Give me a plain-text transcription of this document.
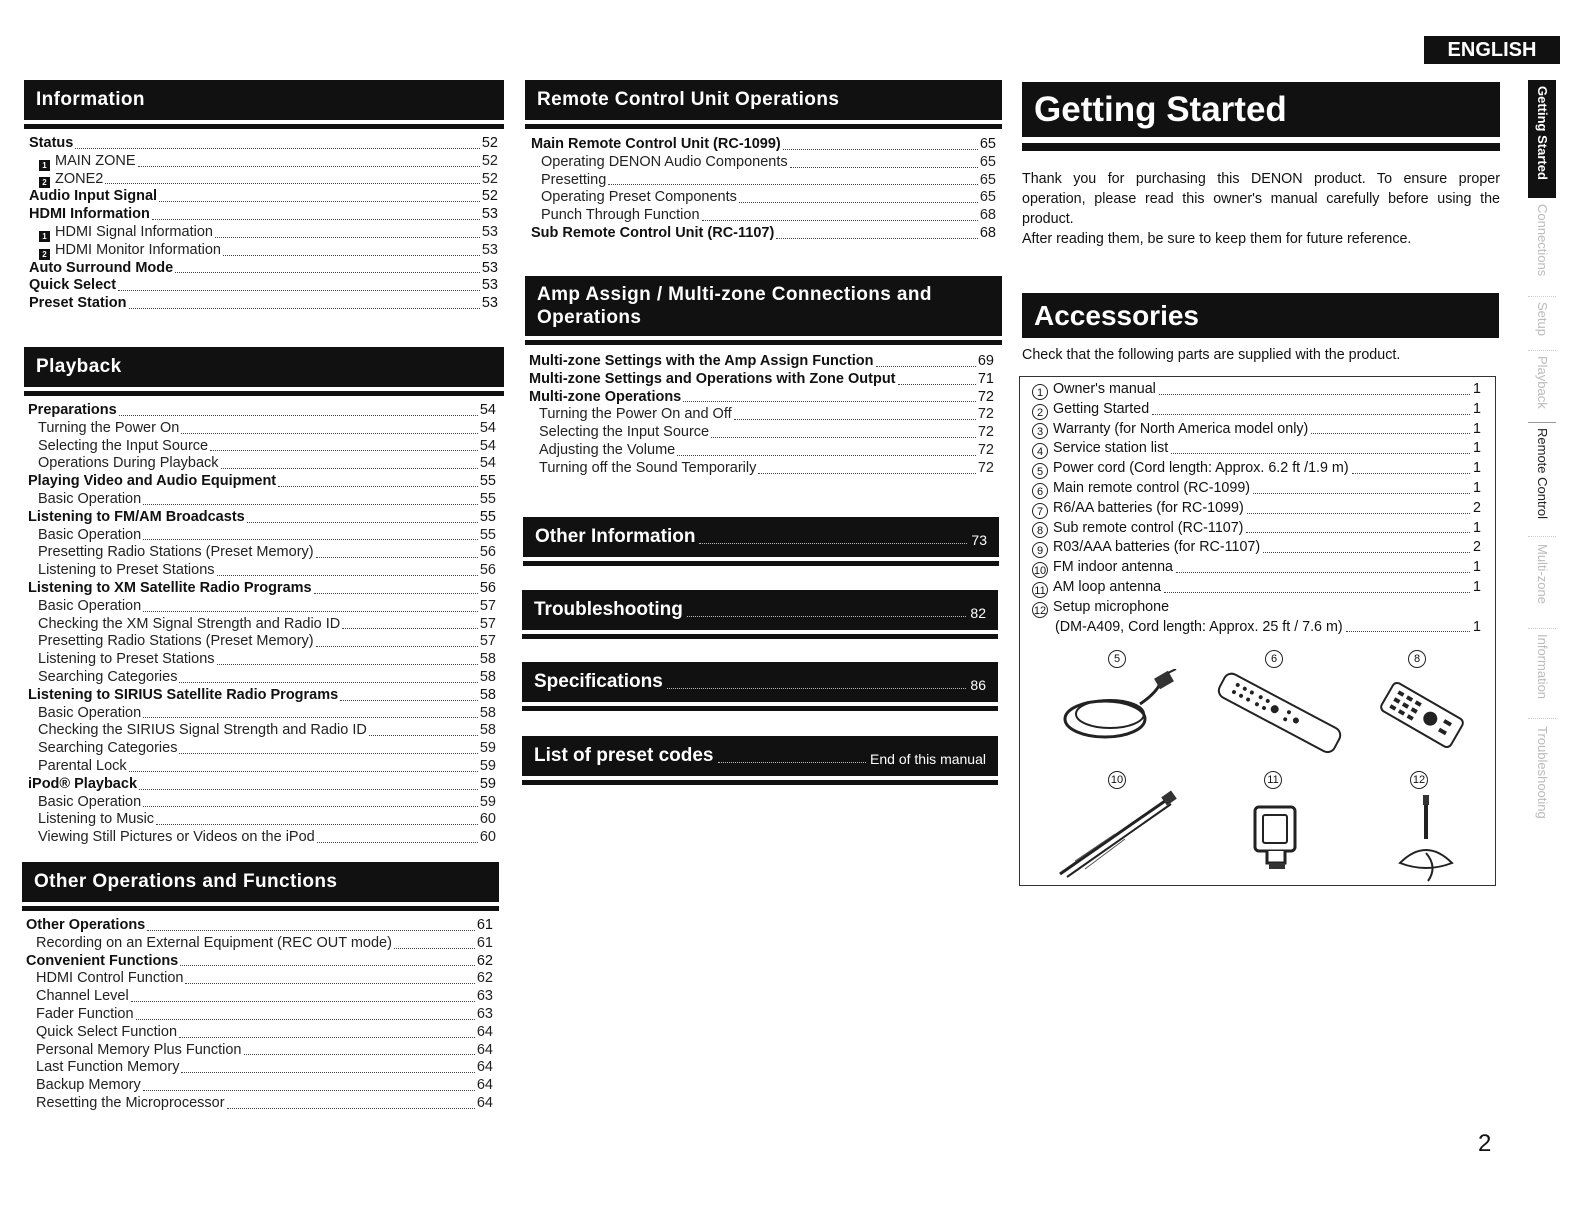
ENGLISH
Information
Status	52
1 MAIN ZONE	52
2 ZONE2	52
Audio Input Signal	52
HDMI Information	53
1 HDMI Signal Information	53
2 HDMI Monitor Information	53
Auto Surround Mode	53
Quick Select	53
Preset Station	53
Playback
Preparations	54
Turning the Power On	54
Selecting the Input Source	54
Operations During Playback	54
Playing Video and Audio Equipment	55
Basic Operation	55
Listening to FM/AM Broadcasts	55
Basic Operation	55
Presetting Radio Stations (Preset Memory)	56
Listening to Preset Stations	56
Listening to XM Satellite Radio Programs	56
Basic Operation	57
Checking the XM Signal Strength and Radio ID	57
Presetting Radio Stations (Preset Memory)	57
Listening to Preset Stations	58
Searching Categories	58
Listening to SIRIUS Satellite Radio Programs	58
Basic Operation	58
Checking the SIRIUS Signal Strength and Radio ID	58
Searching Categories	59
Parental Lock	59
iPod® Playback	59
Basic Operation	59
Listening to Music	60
Viewing Still Pictures or Videos on the iPod	60
Other Operations and Functions
Other Operations	61
Recording on an External Equipment (REC OUT mode)	61
Convenient Functions	62
HDMI Control Function	62
Channel Level	63
Fader Function	63
Quick Select Function	64
Personal Memory Plus Function	64
Last Function Memory	64
Backup Memory	64
Resetting the Microprocessor	64
Remote Control Unit Operations
Main Remote Control Unit (RC-1099)	65
Operating DENON Audio Components	65
Presetting	65
Operating Preset Components	65
Punch Through Function	68
Sub Remote Control Unit (RC-1107)	68
Amp Assign / Multi-zone Connections and
Operations
Multi-zone Settings with the Amp Assign Function	69
Multi-zone Settings and Operations with Zone Output	71
Multi-zone Operations	72
Turning the Power On and Off	72
Selecting the Input Source	72
Adjusting the Volume	72
Turning off the Sound Temporarily	72
Other Information	73
Troubleshooting	82
Specifications	86
List of preset codes	End of this manual
Getting Started

Thank you for purchasing this DENON product. To ensure proper operation, please read this owner's manual carefully before using the product.

After reading them, be sure to keep them for future reference.

Accessories

Check that the following parts are supplied with the product.

1 Owner's manual	1
2 Getting Started	1
3 Warranty (for North America model only)	1
4 Service station list	1
5 Power cord (Cord length: Approx. 6.2 ft /1.9 m)	1
6 Main remote control (RC-1099)	1
7 R6/AA batteries (for RC-1099)	2
8 Sub remote control (RC-1107)	1
9 R03/AAA batteries (for RC-1107)	2
10 FM indoor antenna	1
11 AM loop antenna	1
12 Setup microphone
(DM-A409, Cord length: Approx. 25 ft / 7.6 m)	1
5	6	8
10	11	12
Getting Started
Connections
Setup
Playback
Remote Control
Multi-zone
Information
Troubleshooting
2
